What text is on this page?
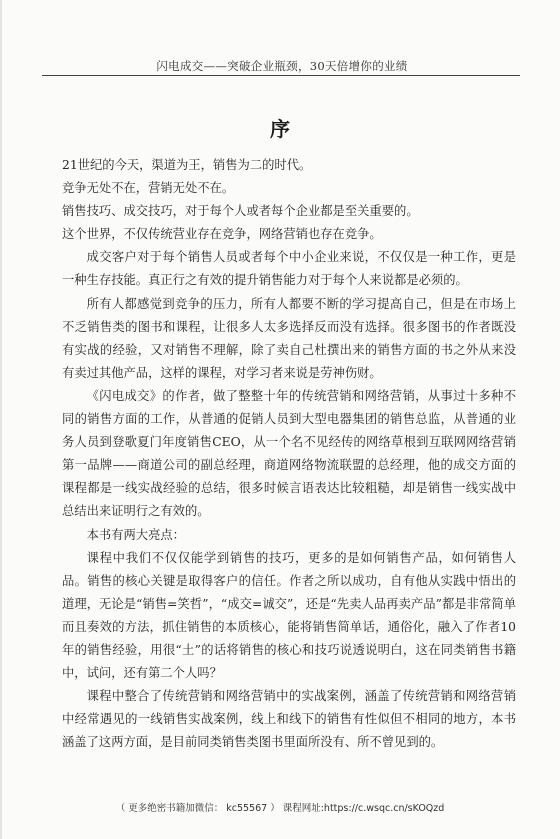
闪电成交——突破企业瓶颈，30天倍增你的业绩
序

21世纪的今天，渠道为王，销售为二的时代。

竞争无处不在，营销无处不在。

销售技巧、成交技巧，对于每个人或者每个企业都是至关重要的。

这个世界，不仅传统营业存在竞争，网络营销也存在竞争。

成交客户对于每个销售人员或者每个中小企业来说，不仅仅是一种工作，更是一种生存技能。真正行之有效的提升销售能力对于每个人来说都是必须的。

所有人都感觉到竞争的压力，所有人都要不断的学习提高自己，但是在市场上不乏销售类的图书和课程，让很多人太多选择反而没有选择。很多图书的作者既没有实战的经验，又对销售不理解，除了卖自己杜撰出来的销售方面的书之外从来没有卖过其他产品，这样的课程，对学习者来说是劳神伤财。

《闪电成交》的作者，做了整整十年的传统营销和网络营销，从事过十多种不同的销售方面的工作，从普通的促销人员到大型电器集团的销售总监，从普通的业务人员到登歌夏门年度销售CEO，从一个名不见经传的网络草根到互联网网络营销第一品牌——商道公司的副总经理，商道网络物流联盟的总经理，他的成交方面的课程都是一线实战经验的总结，很多时候言语表达比较粗糙，却是销售一线实战中总结出来证明行之有效的。

本书有两大亮点：

课程中我们不仅仅能学到销售的技巧，更多的是如何销售产品，如何销售人品。销售的核心关键是取得客户的信任。作者之所以成功，自有他从实践中悟出的道理，无论是“销售=笑哲”，“成交=诚交”，还是“先卖人品再卖产品”都是非常简单而且奏效的方法，抓住销售的本质核心，能将销售简单话，通俗化，融入了作者10年的销售经验，用很“土”的话将销售的核心和技巧说透说明白，这在同类销售书籍中，试问，还有第二个人吗？

课程中整合了传统营销和网络营销中的实战案例，涵盖了传统营销和网络营销中经常遇见的一线销售实战案例，线上和线下的销售有性似但不相同的地方，本书涵盖了这两方面，是目前同类销售类图书里面所没有、所不曾见到的。

（ 更多绝密书籍加微信： kc55567 ） 课程网址:https://c.wsqc.cn/sKOQzd
